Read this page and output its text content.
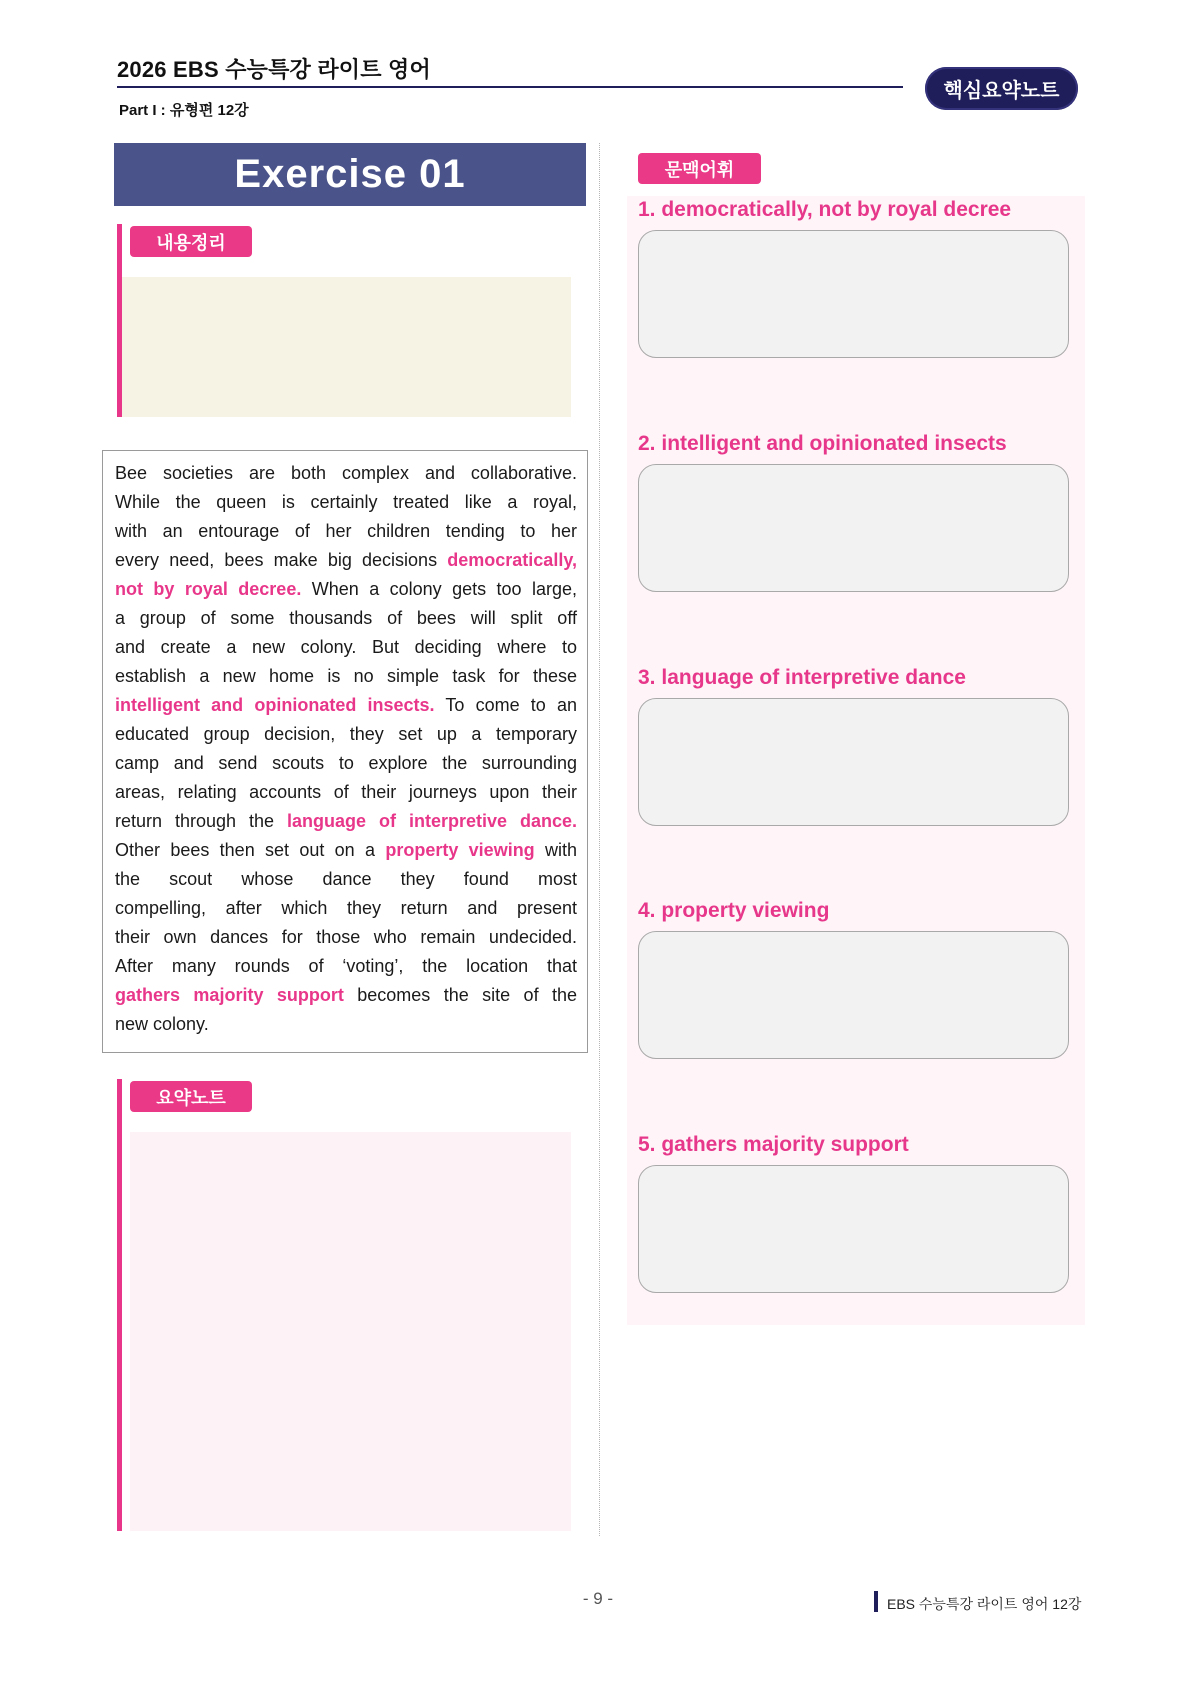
2026 EBS 수능특강 라이트 영어
Part I : 유형편 12강
핵심요약노트
Exercise 01
내용정리
Bee societies are both complex and collaborative.
While the queen is certainly treated like a royal,
with an entourage of her children tending to her
every need, bees make big decisions democratically,
not by royal decree. When a colony gets too large,
a group of some thousands of bees will split off
and create a new colony. But deciding where to
establish a new home is no simple task for these
intelligent and opinionated insects. To come to an
educated group decision, they set up a temporary
camp and send scouts to explore the surrounding
areas, relating accounts of their journeys upon their
return through the language of interpretive dance.
Other bees then set out on a property viewing with
the scout whose dance they found most
compelling, after which they return and present
their own dances for those who remain undecided.
After many rounds of ‘voting’, the location that
gathers majority support becomes the site of the
new colony.
요약노트
문맥어휘
1. democratically, not by royal decree
2. intelligent and opinionated insects
3. language of interpretive dance
4. property viewing
5. gathers majority support
- 9 -	EBS 수능특강 라이트 영어 12강
